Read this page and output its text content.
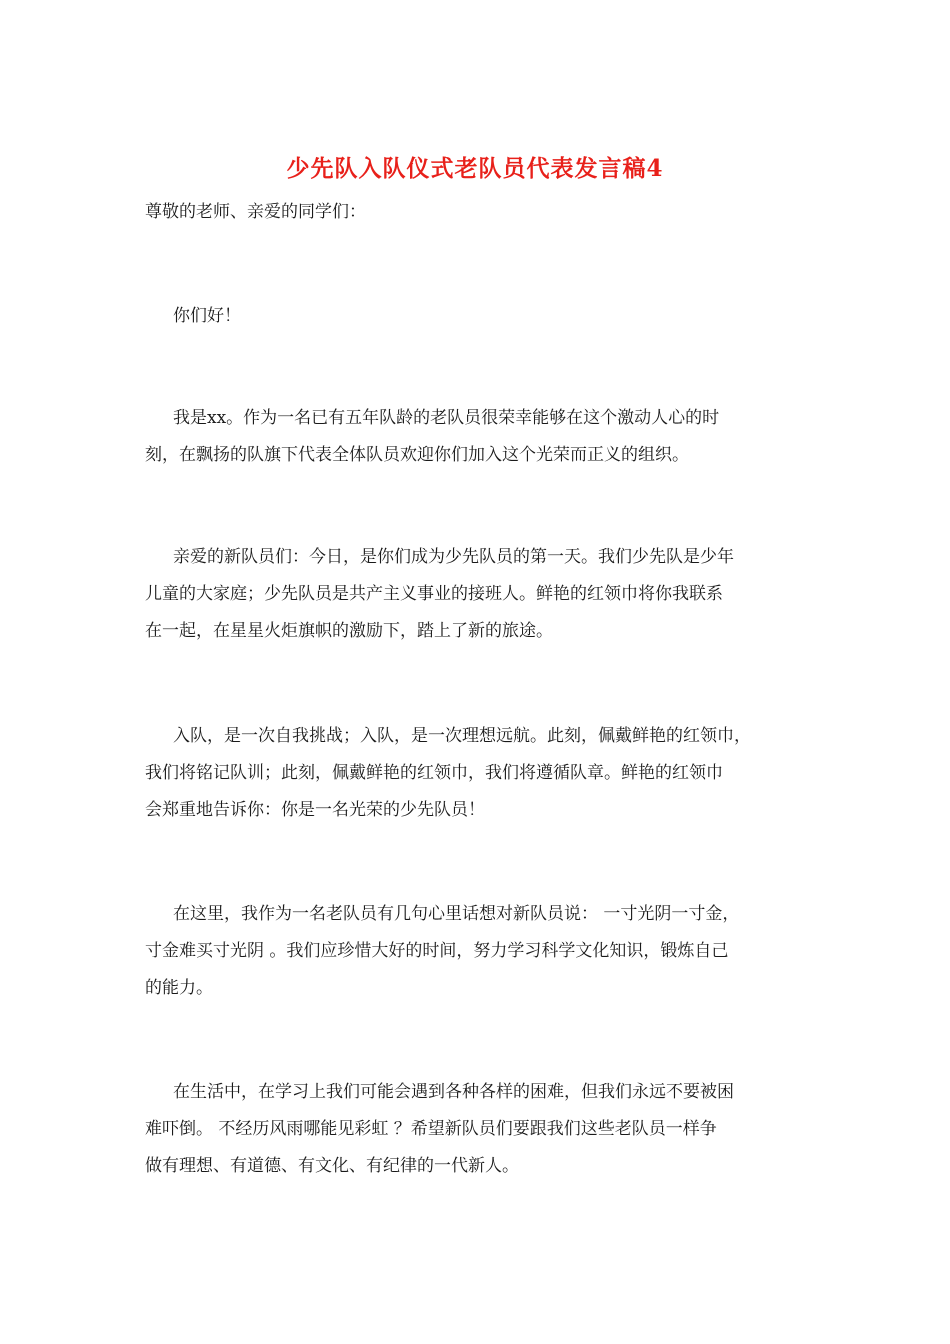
少先队入队仪式老队员代表发言稿4

尊敬的老师、亲爱的同学们：

你们好！
我是xx。作为一名已有五年队龄的老队员很荣幸能够在这个激动人心的时
刻，在飘扬的队旗下代表全体队员欢迎你们加入这个光荣而正义的组织。
亲爱的新队员们：今日，是你们成为少先队员的第一天。我们少先队是少年
儿童的大家庭；少先队员是共产主义事业的接班人。鲜艳的红领巾将你我联系
在一起，在星星火炬旗帜的激励下，踏上了新的旅途。
入队，是一次自我挑战；入队，是一次理想远航。此刻，佩戴鲜艳的红领巾，
我们将铭记队训；此刻，佩戴鲜艳的红领巾，我们将遵循队章。鲜艳的红领巾
会郑重地告诉你：你是一名光荣的少先队员！
在这里，我作为一名老队员有几句心里话想对新队员说： 一寸光阴一寸金，
寸金难买寸光阴 。我们应珍惜大好的时间，努力学习科学文化知识，锻炼自己
的能力。
在生活中，在学习上我们可能会遇到各种各样的困难，但我们永远不要被困
难吓倒。 不经历风雨哪能见彩虹 ？希望新队员们要跟我们这些老队员一样争
做有理想、有道德、有文化、有纪律的一代新人。
